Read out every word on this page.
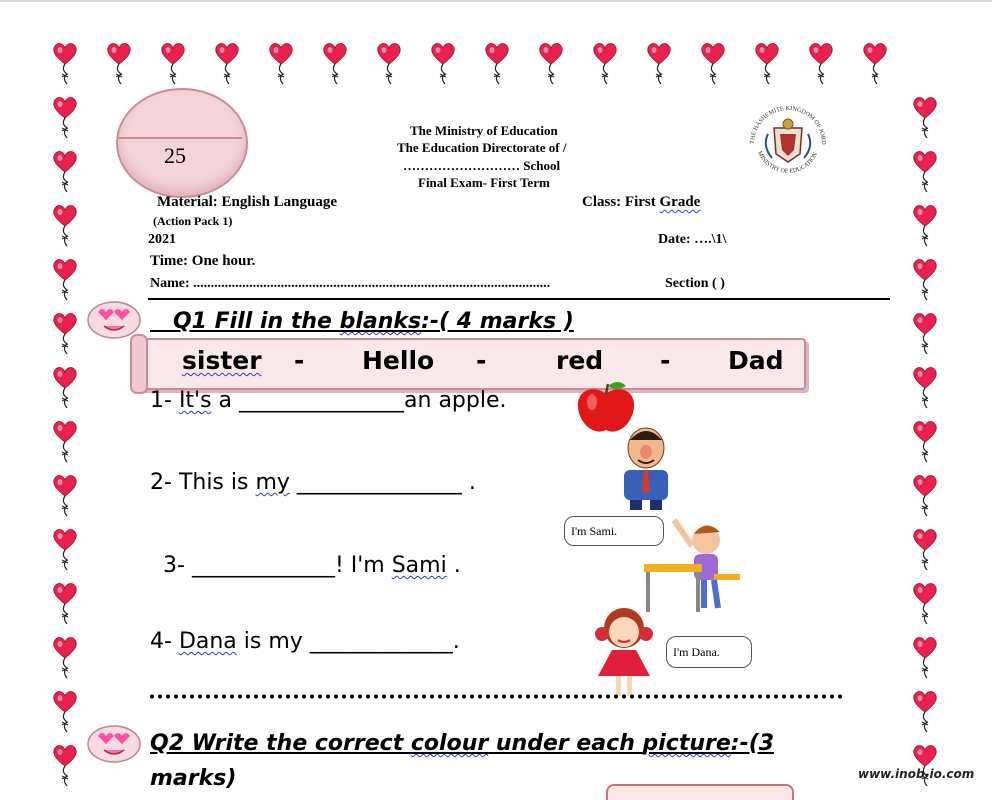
25
The Ministry of Education
The Education Directorate of /
……………………… School
Final Exam- First Term
THE HASHEMITE KINGDOM OF JORD
MINISTRY OF EDUCATION
Material: English Language
(Action Pack 1)
Class: First Grade
2021	Date: ….\1\
Time: One hour.
Name: ......................................................................................................	Section ( )
Q1 Fill in the blanks:-( 4 marks )
sister - Hello -	red - Dad
1- It's a _______________an apple.
2- This is my _______________ .
3- _____________! I'm Sami .
4- Dana is my _____________.
I'm Sami.
I'm Dana.
Q2 Write the correct colour under each picture:-(3
marks)	www.inob-io.com
